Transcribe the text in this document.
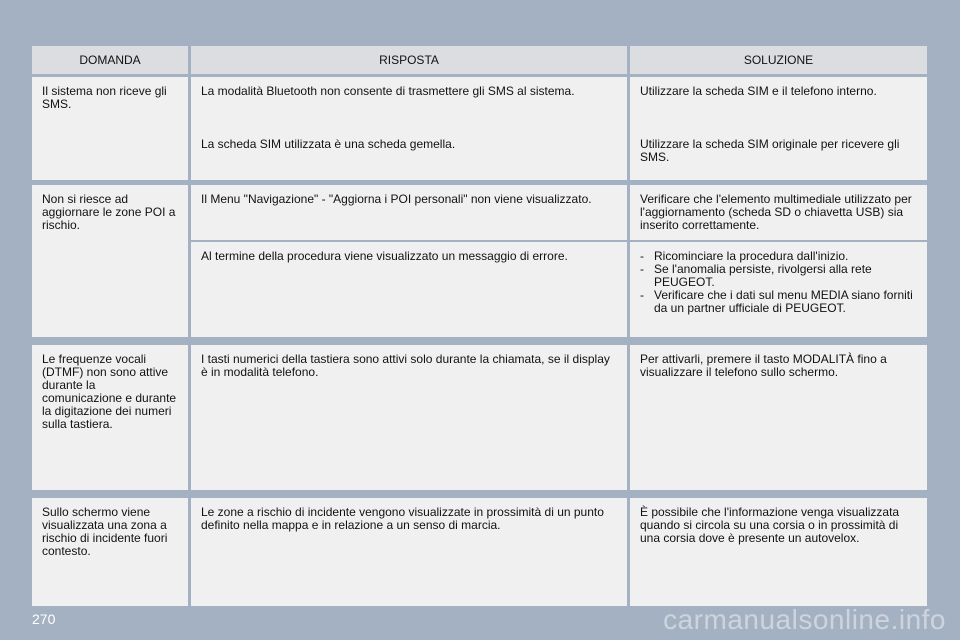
DOMANDA	RISPOSTA	SOLUZIONE
Il sistema non riceve gli SMS.
La modalità Bluetooth non consente di trasmettere gli SMS al sistema.
La scheda SIM utilizzata è una scheda gemella.
Utilizzare la scheda SIM e il telefono interno.
Utilizzare la scheda SIM originale per ricevere gli SMS.
Non si riesce ad aggiornare le zone POI a rischio.
Il Menu "Navigazione" - "Aggiorna i POI personali" non viene visualizzato.	Verificare che l'elemento multimediale utilizzato per l'aggiornamento (scheda SD o chiavetta USB) sia inserito correttamente.
Al termine della procedura viene visualizzato un messaggio di errore.
-	Ricominciare la procedura dall'inizio.
- Se l'anomalia persiste, rivolgersi alla rete PEUGEOT.
- Verificare che i dati sul menu MEDIA siano forniti da un partner ufficiale di PEUGEOT.
Le frequenze vocali (DTMF) non sono attive durante la comunicazione e durante la digitazione dei numeri sulla tastiera.
I tasti numerici della tastiera sono attivi solo durante la chiamata, se il display è in modalità telefono.
Per attivarli, premere il tasto MODALITÀ fino a visualizzare il telefono sullo schermo.
Sullo schermo viene visualizzata una zona a rischio di incidente fuori contesto.
Le zone a rischio di incidente vengono visualizzate in prossimità di un punto definito nella mappa e in relazione a un senso di marcia.
È possibile che l'informazione venga visualizzata quando si circola su una corsia o in prossimità di una corsia dove è presente un autovelox.
270	carmanualsonline.info
